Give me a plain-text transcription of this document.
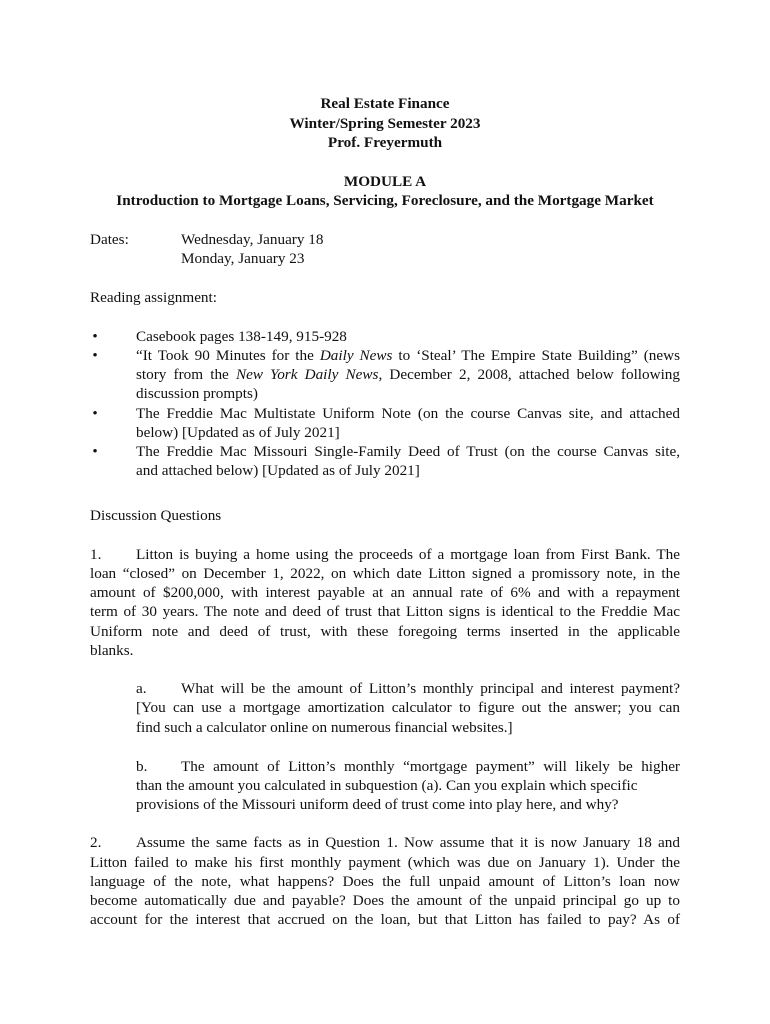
Real Estate Finance
Winter/Spring Semester 2023
Prof. Freyermuth
MODULE A
Introduction to Mortgage Loans, Servicing, Foreclosure, and the Mortgage Market
Dates:	Wednesday, January 18
Monday, January 23
Reading assignment:
•	Casebook pages 138-149, 915-928
•	“It Took 90 Minutes for the Daily News to ‘Steal’ The Empire State Building” (news
story from the New York Daily News, December 2, 2008, attached below following
discussion prompts)
•	The Freddie Mac Multistate Uniform Note (on the course Canvas site, and attached
below) [Updated as of July 2021]
•	The Freddie Mac Missouri Single-Family Deed of Trust (on the course Canvas site,
and attached below) [Updated as of July 2021]
Discussion Questions
1. Litton is buying a home using the proceeds of a mortgage loan from First Bank. The
loan “closed” on December 1, 2022, on which date Litton signed a promissory note, in the
amount of $200,000, with interest payable at an annual rate of 6% and with a repayment
term of 30 years. The note and deed of trust that Litton signs is identical to the Freddie Mac
Uniform note and deed of trust, with these foregoing terms inserted in the applicable
blanks.
a. What will be the amount of Litton’s monthly principal and interest payment?
[You can use a mortgage amortization calculator to figure out the answer; you can
find such a calculator online on numerous financial websites.]
b. The amount of Litton’s monthly “mortgage payment” will likely be higher
than the amount you calculated in subquestion (a). Can you explain which specific
provisions of the Missouri uniform deed of trust come into play here, and why?
2. Assume the same facts as in Question 1. Now assume that it is now January 18 and
Litton failed to make his first monthly payment (which was due on January 1). Under the
language of the note, what happens? Does the full unpaid amount of Litton’s loan now
become automatically due and payable? Does the amount of the unpaid principal go up to
account for the interest that accrued on the loan, but that Litton has failed to pay? As of
